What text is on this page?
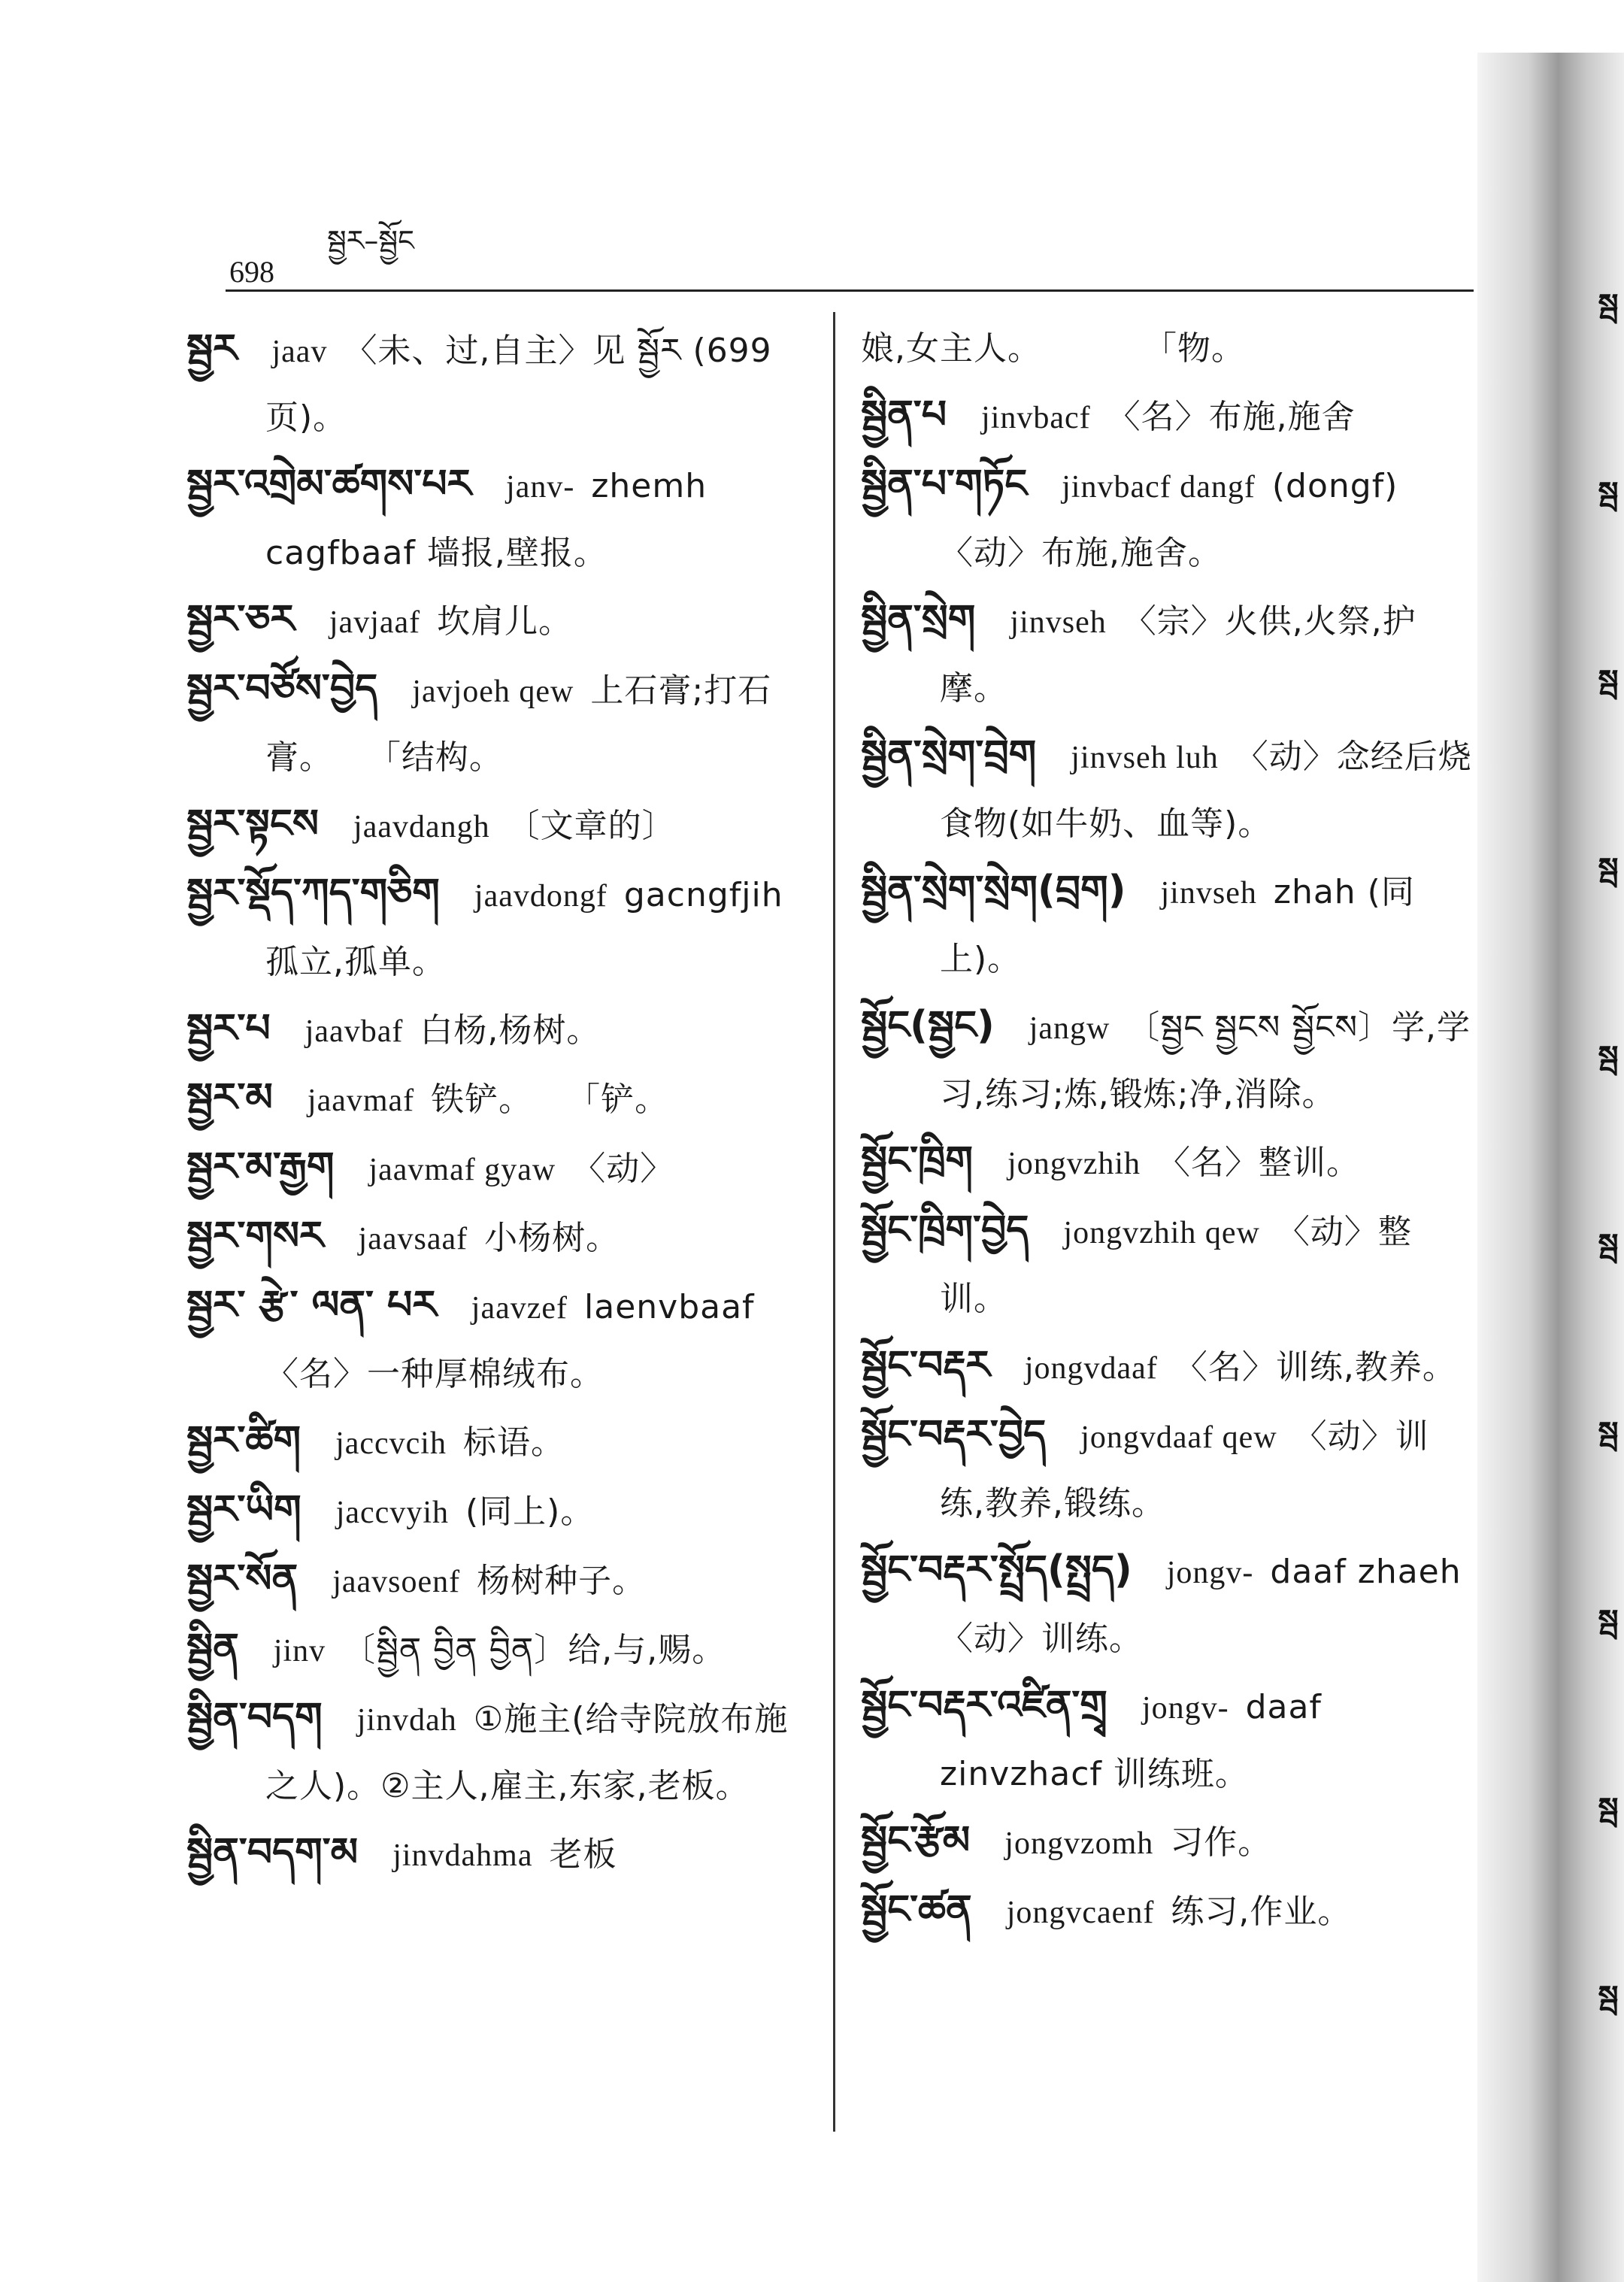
698
སྦྱར–སྦྱོང
སྦྱར jaav 〈未、过,自主〉见 སྦྱོར (699页)。
སྦྱར་འགྲེམ་ཚགས་པར janv- zhemh cagfbaaf 墙报,壁报。
སྦྱར་ཅར javjaaf 坎肩儿。
སྦྱར་བཙོས་བྱེད javjoeh qew 上石膏;打石膏。　　「结构。
སྦྱར་སྟངས jaavdangh 〔文章的〕
སྦྱར་སྡོད་ཀད་གཅིག jaavdongf gacngfjih 孤立,孤单。
སྦྱར་པ jaavbaf 白杨,杨树。
སྦྱར་མ jaavmaf 铁铲。　　「铲。
སྦྱར་མ་རྒྱག jaavmaf gyaw 〈动〉
སྦྱར་གསར jaavsaaf 小杨树。
སྦྱར་ རྩེ་ ལན་ པར jaavzef laenvbaaf 〈名〉一种厚棉绒布。
སྦྱར་ཚིག jaccvcih 标语。
སྦྱར་ཡིག jaccvyih (同上)。
སྦྱར་སོན jaavsoenf 杨树种子。
སྦྱིན jinv 〔སྦྱིན བྱིན བྱིན〕给,与,赐。
སྦྱིན་བདག jinvdah ①施主(给寺院放布施之人)。②主人,雇主,东家,老板。
སྦྱིན་བདག་མ jinvdahma 老板
娘,女主人。　　　　「物。
སྦྱིན་པ jinvbacf 〈名〉布施,施舍
སྦྱིན་པ་གཏོང jinvbacf dangf (dongf) 〈动〉布施,施舍。
སྦྱིན་སྲེག jinvseh 〈宗〉火供,火祭,护摩。
སྦྱིན་སྲེག་བྲེག jinvseh luh 〈动〉念经后烧食物(如牛奶、血等)。
སྦྱིན་སྲེག་སྲེག(བྲག) jinvseh zhah (同上)。
སྦྱོང(སྦྱང) jangw 〔སྦྱང སྦྱངས སྦྱོངས〕学,学习,练习;炼,锻炼;净,消除。
སྦྱོང་ཁྲིག jongvzhih 〈名〉整训。
སྦྱོང་ཁྲིག་བྱེད jongvzhih qew 〈动〉整训。
སྦྱོང་བརྡར jongvdaaf 〈名〉训练,教养。
སྦྱོང་བརྡར་བྱེད jongvdaaf qew 〈动〉训练,教养,锻练。
སྦྱོང་བརྡར་སྤྲོད(སྤྲད) jongv- daaf zhaeh 〈动〉训练。
སྦྱོང་བརྡར་འཛིན་གྲྭ jongv- daaf zinvzhacf 训练班。
སྦྱོང་རྩོམ jongvzomh 习作。
སྦྱོང་ཚན jongvcaenf 练习,作业。
སྦ
སྦ
སྦ
སྦ
སྦ
སྦ
སྦ
སྦ
སྦ
སྦ
